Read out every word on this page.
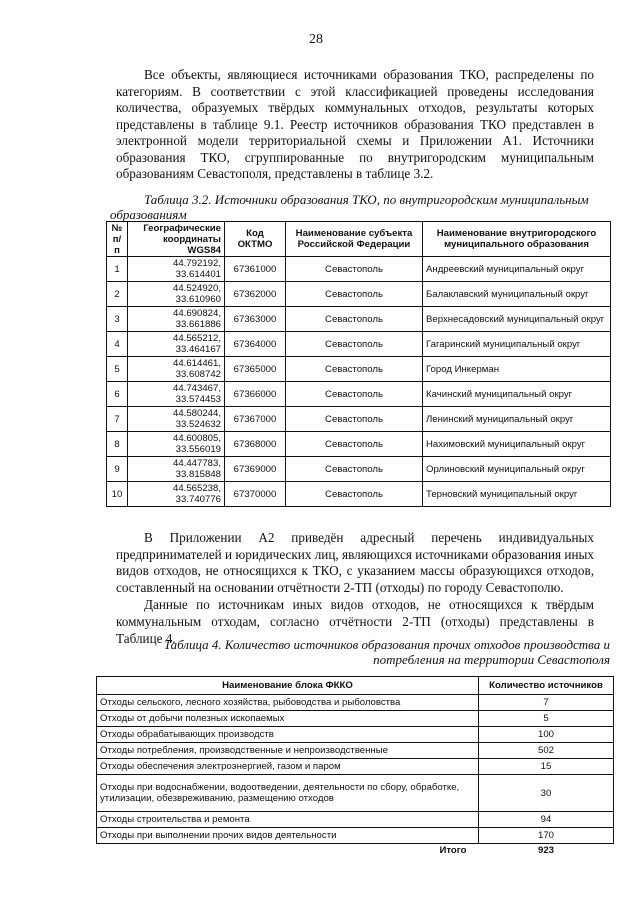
28

Все объекты, являющиеся источниками образования ТКО, распределены по категориям. В соответствии с этой классификацией проведены исследования количества, образуемых твёрдых коммунальных отходов, результаты которых представлены в таблице 9.1. Реестр источников образования ТКО представлен в электронной модели территориальной схемы и Приложении А1. Источники образования ТКО, сгруппированные по внутригородским муниципальным образованиям Севастополя, представлены в таблице 3.2.

Таблица 3.2. Источники образования ТКО, по внутригородским муниципальным образованиям
№ п/п	Географические координаты WGS84	Код ОКТМО	Наименование субъекта Российской Федерации	Наименование внутригородского муниципального образования
1	44.792192, 33.614401	67361000	Севастополь	Андреевский муниципальный округ
2	44.524920, 33.610960	67362000	Севастополь	Балаклавский муниципальный округ
3	44.690824, 33.661886	67363000	Севастополь	Верхнесадовский муниципальный округ
4	44.565212, 33.464167	67364000	Севастополь	Гагаринский муниципальный округ
5	44.614461, 33.608742	67365000	Севастополь	Город Инкерман
6	44.743467, 33.574453	67366000	Севастополь	Качинский муниципальный округ
7	44.580244, 33.524632	67367000	Севастополь	Ленинский муниципальный округ
8	44.600805, 33.556019	67368000	Севастополь	Нахимовский муниципальный округ
9	44.447783, 33.815848	67369000	Севастополь	Орлиновский муниципальный округ
10	44.565238, 33.740776	67370000	Севастополь	Терновский муниципальный округ

В Приложении А2 приведён адресный перечень индивидуальных предпринимателей и юридических лиц, являющихся источниками образования иных видов отходов, не относящихся к ТКО, с указанием массы образующихся отходов, составленный на основании отчётности 2-ТП (отходы) по городу Севастополю.

Данные по источникам иных видов отходов, не относящихся к твёрдым коммунальным отходам, согласно отчётности 2-ТП (отходы) представлены в Таблице 4.

Таблица 4. Количество источников образования прочих отходов производства и
потребления на территории Севастополя
Наименование блока ФККО	Количество источников
Отходы сельского, лесного хозяйства, рыбоводства и рыболовства	7
Отходы от добычи полезных ископаемых	5
Отходы обрабатывающих производств	100
Отходы потребления, производственные и непроизводственные	502
Отходы обеспечения электроэнергией, газом и паром	15
Отходы при водоснабжении, водоотведении, деятельности по сбору, обработке, утилизации, обезвреживанию, размещению отходов	30
Отходы строительства и ремонта	94
Отходы при выполнении прочих видов деятельности	170
Итого	923
